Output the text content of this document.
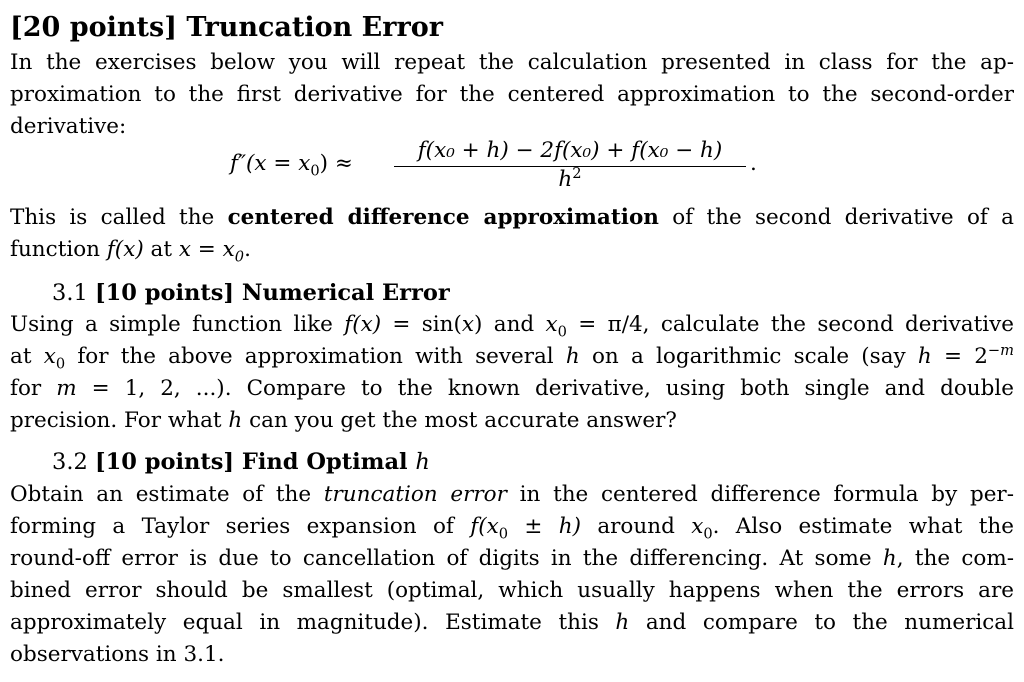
[20 points] Truncation Error
In the exercises below you will repeat the calculation presented in class for the ap-
proximation to the first derivative for the centered approximation to the second-order
derivative:
$f''(x = x_0)$ ≈
f(x₀ + h) − 2f(x₀) + f(x₀ − h)
$h^2$	.
This is called the centered difference approximation of the second derivative of a
function f(x) at $x = x_0$.
3.1 [10 points] Numerical Error
Using a simple function like f(x) = sin(x) and $x_0 = \pi/4$, calculate the second derivative
at $x_0$ for the above approximation with several h on a logarithmic scale (say $h = 2^{-m}$
for m = 1, 2, ...). Compare to the known derivative, using both single and double
precision. For what h can you get the most accurate answer?
3.2 [10 points] Find Optimal h
Obtain an estimate of the truncation error in the centered difference formula by per-
forming a Taylor series expansion of $f(x_0 \pm h)$ around $x_0$. Also estimate what the
round-off error is due to cancellation of digits in the differencing. At some h, the com-
bined error should be smallest (optimal, which usually happens when the errors are
approximately equal in magnitude). Estimate this h and compare to the numerical
observations in 3.1.
